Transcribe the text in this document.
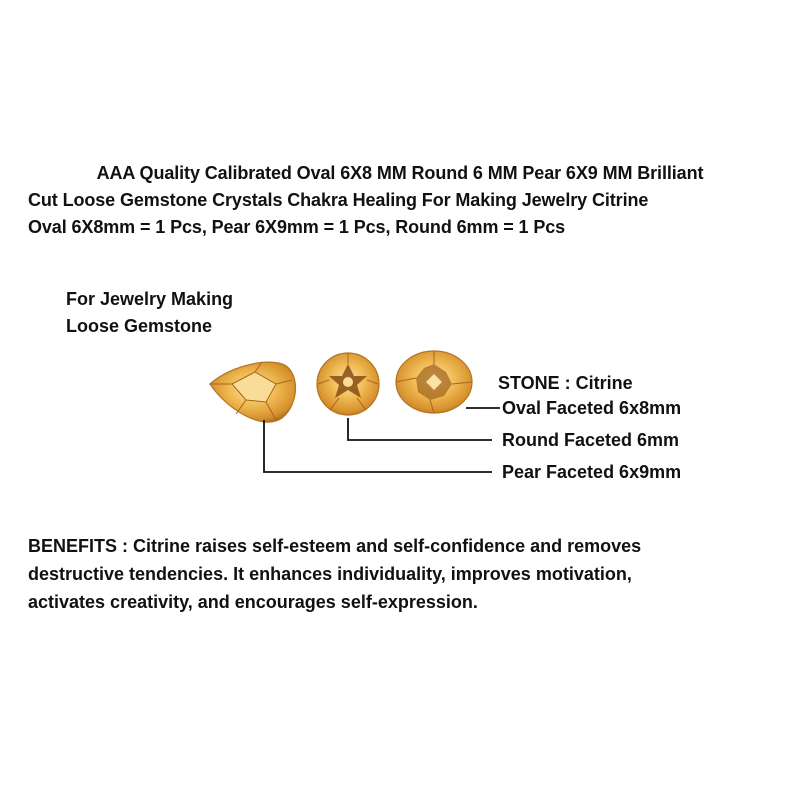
AAA Quality Calibrated Oval 6X8 MM Round 6 MM Pear 6X9 MM Brilliant
Cut Loose Gemstone Crystals Chakra Healing For Making Jewelry Citrine
Oval 6X8mm = 1 Pcs, Pear 6X9mm = 1 Pcs, Round 6mm = 1 Pcs
For Jewelry Making
Loose Gemstone
STONE : Citrine
Oval Faceted 6x8mm
Round Faceted 6mm
Pear Faceted 6x9mm
BENEFITS : Citrine raises self-esteem and self-confidence and removes
destructive tendencies. It enhances individuality, improves motivation,
activates creativity, and encourages self-expression.
